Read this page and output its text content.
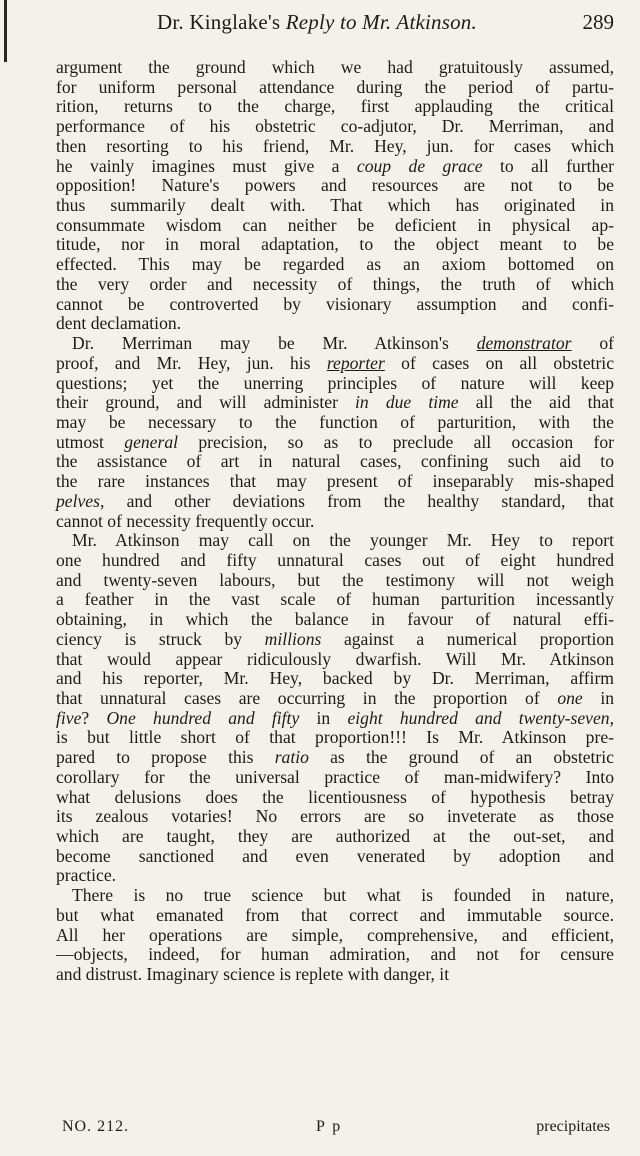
Dr. Kinglake's Reply to Mr. Atkinson.	289
argument the ground which we had gratuitously assumed,
for uniform personal attendance during the period of partu-
rition, returns to the charge, first applauding the critical
performance of his obstetric co-adjutor, Dr. Merriman, and
then resorting to his friend, Mr. Hey, jun. for cases which
he vainly imagines must give a coup de grace to all further
opposition! Nature's powers and resources are not to be
thus summarily dealt with. That which has originated in
consummate wisdom can neither be deficient in physical ap-
titude, nor in moral adaptation, to the object meant to be
effected. This may be regarded as an axiom bottomed on
the very order and necessity of things, the truth of which
cannot be controverted by visionary assumption and confi-
dent declamation.
Dr. Merriman may be Mr. Atkinson's demonstrator of
proof, and Mr. Hey, jun. his reporter of cases on all obstetric
questions; yet the unerring principles of nature will keep
their ground, and will administer in due time all the aid that
may be necessary to the function of parturition, with the
utmost general precision, so as to preclude all occasion for
the assistance of art in natural cases, confining such aid to
the rare instances that may present of inseparably mis-shaped
pelves, and other deviations from the healthy standard, that
cannot of necessity frequently occur.
Mr. Atkinson may call on the younger Mr. Hey to report
one hundred and fifty unnatural cases out of eight hundred
and twenty-seven labours, but the testimony will not weigh
a feather in the vast scale of human parturition incessantly
obtaining, in which the balance in favour of natural effi-
ciency is struck by millions against a numerical proportion
that would appear ridiculously dwarfish. Will Mr. Atkinson
and his reporter, Mr. Hey, backed by Dr. Merriman, affirm
that unnatural cases are occurring in the proportion of one in
five? One hundred and fifty in eight hundred and twenty-seven,
is but little short of that proportion!!! Is Mr. Atkinson pre-
pared to propose this ratio as the ground of an obstetric
corollary for the universal practice of man-midwifery? Into
what delusions does the licentiousness of hypothesis betray
its zealous votaries! No errors are so inveterate as those
which are taught, they are authorized at the out-set, and
become sanctioned and even venerated by adoption and
practice.
There is no true science but what is founded in nature,
but what emanated from that correct and immutable source.
All her operations are simple, comprehensive, and efficient,
—objects, indeed, for human admiration, and not for censure
and distrust. Imaginary science is replete with danger, it
NO. 212.	P p	precipitates
